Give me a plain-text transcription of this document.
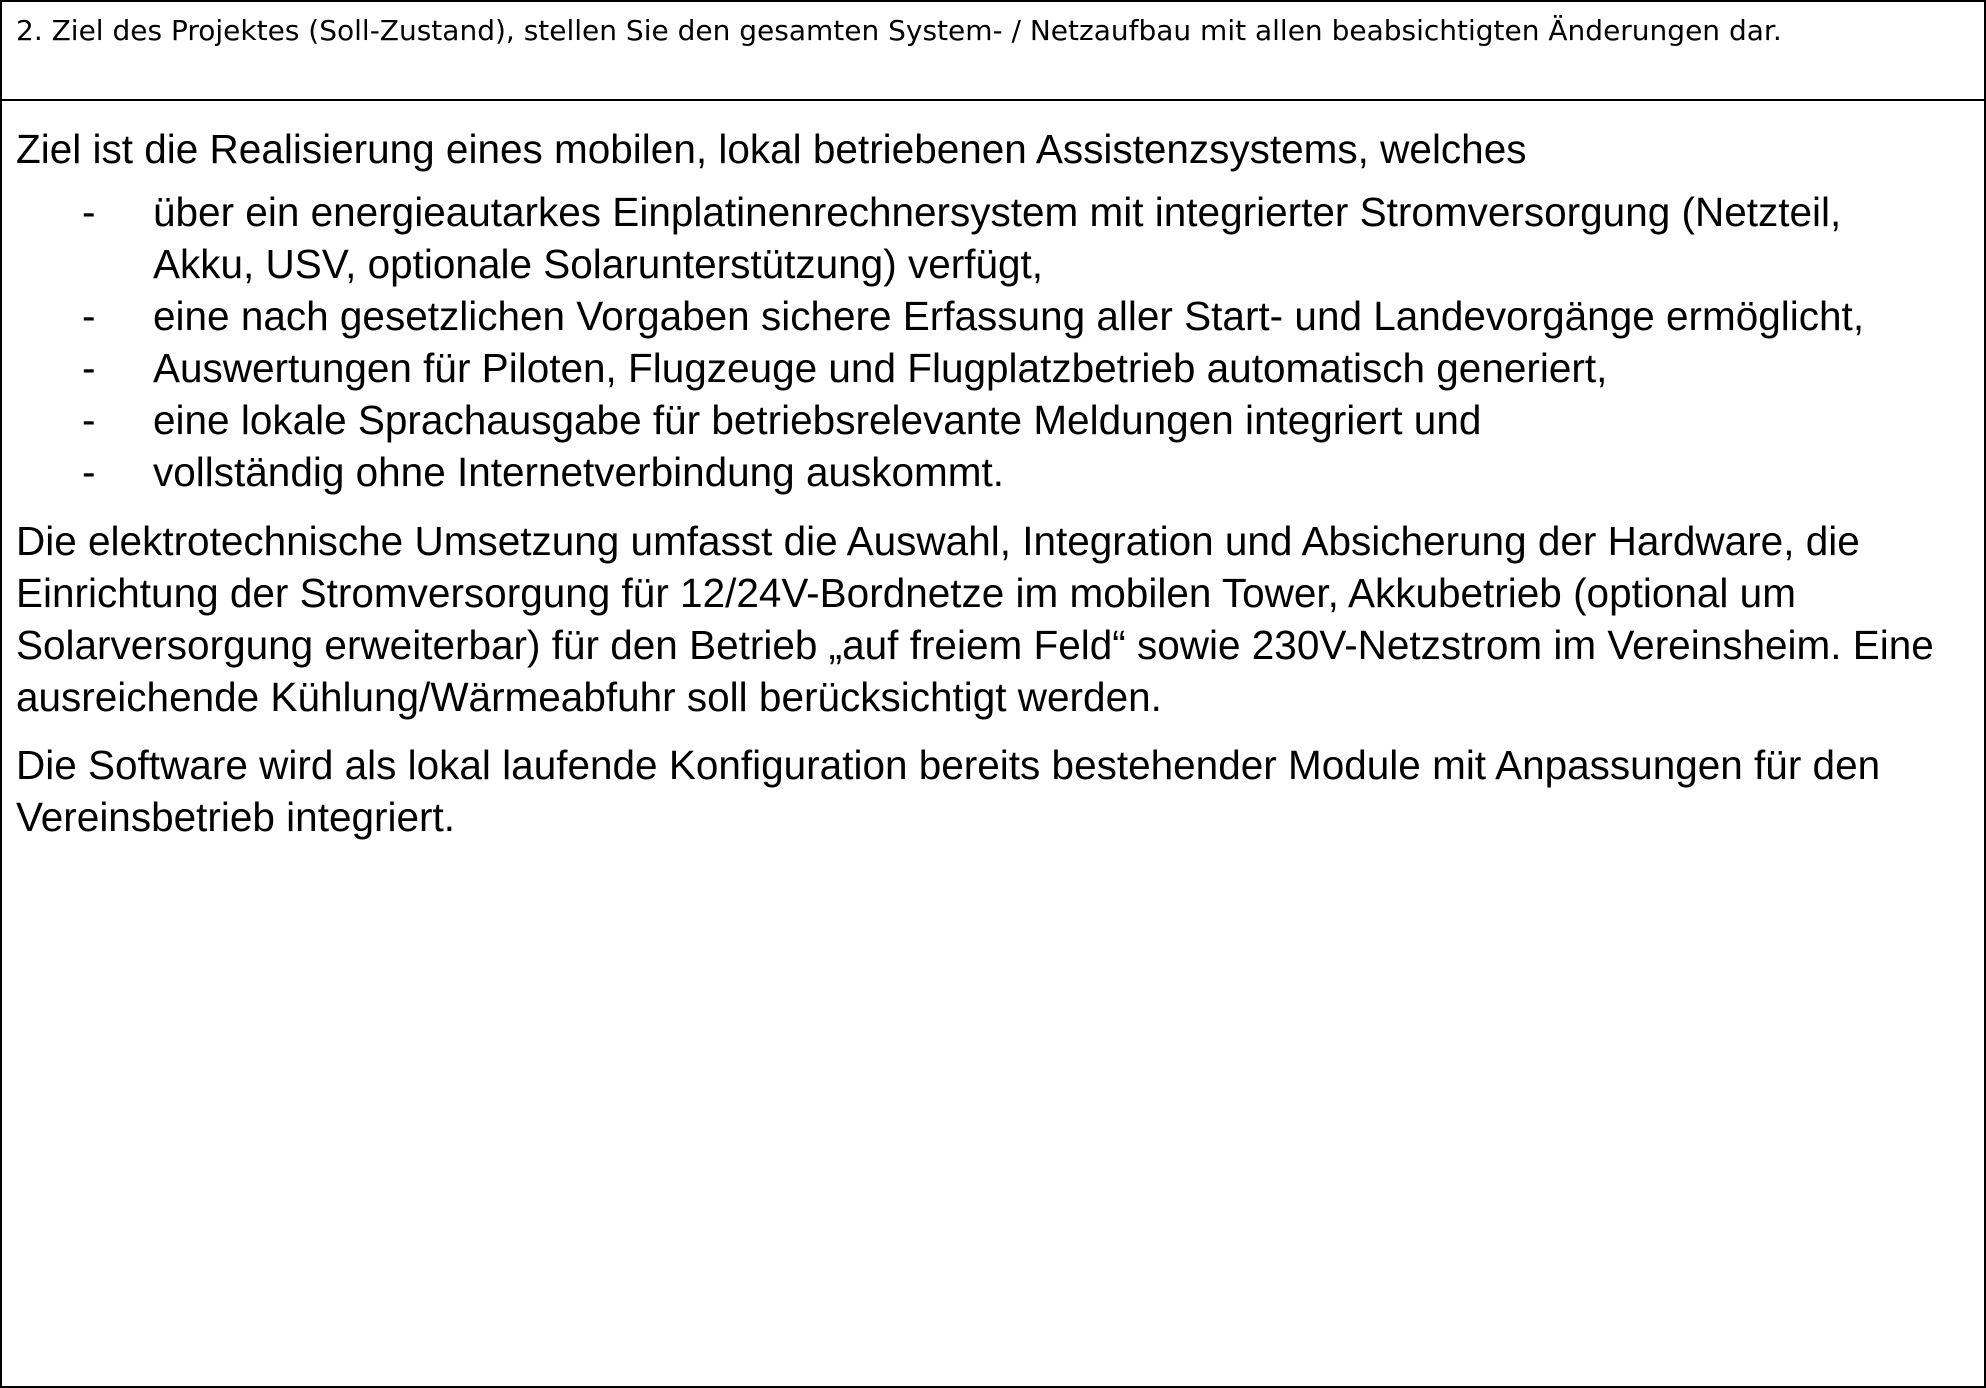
2. Ziel des Projektes (Soll-Zustand), stellen Sie den gesamten System- / Netzaufbau mit allen beabsichtigten Änderungen dar.

Ziel ist die Realisierung eines mobilen, lokal betriebenen Assistenzsystems, welches

- über ein energieautarkes Einplatinenrechnersystem mit integrierter Stromversorgung (Netzteil, Akku, USV, optionale Solarunterstützung) verfügt,
- eine nach gesetzlichen Vorgaben sichere Erfassung aller Start- und Landevorgänge ermöglicht,
- Auswertungen für Piloten, Flugzeuge und Flugplatzbetrieb automatisch generiert,
- eine lokale Sprachausgabe für betriebsrelevante Meldungen integriert und
- vollständig ohne Internetverbindung auskommt.

Die elektrotechnische Umsetzung umfasst die Auswahl, Integration und Absicherung der Hardware, die Einrichtung der Stromversorgung für 12/24V-Bordnetze im mobilen Tower, Akkubetrieb (optional um Solarversorgung erweiterbar) für den Betrieb „auf freiem Feld“ sowie 230V-Netzstrom im Vereinsheim. Eine ausreichende Kühlung/Wärmeabfuhr soll berücksichtigt werden.

Die Software wird als lokal laufende Konfiguration bereits bestehender Module mit Anpassungen für den Vereinsbetrieb integriert.
